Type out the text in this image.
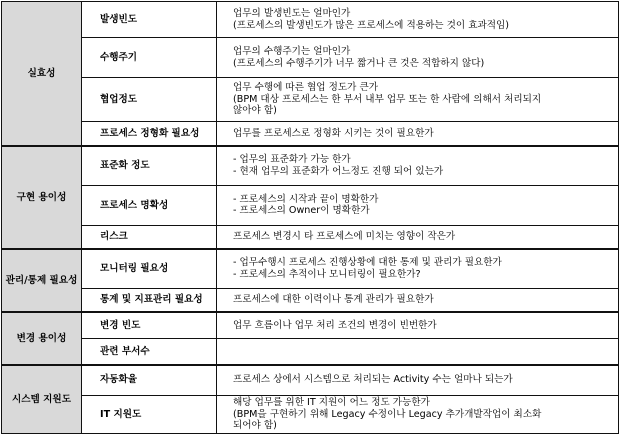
실효성	발생빈도	업무의 발생빈도는 얼마인가
(프로세스의 발생빈도가 많은 프로세스에 적용하는 것이 효과적임)

	수행주기	업무의 수행주기는 얼마인가
(프로세스의 수행주기가 너무 짧거나 큰 것은 적합하지 않다)

	협업정도	업무 수행에 따른 협업 정도가 큰가
(BPM 대상 프로세스는 한 부서 내부 업무 또는 한 사람에 의해서 처리되지
않아야 함)

	프로세스 정형화 필요성	업무를 프로세스로 정형화 시키는 것이 필요한가

구현 용이성	표준화 정도	- 업무의 표준화가 가능 한가
- 현재 업무의 표준화가 어느정도 진행 되어 있는가

	프로세스 명확성	- 프로세스의 시작과 끝이 명확한가
- 프로세스의 Owner이 명확한가

	리스크	프로세스 변경시 타 프로세스에 미치는 영향이 작은가

관리/통제 필요성	모니터링 필요성	- 업무수행시 프로세스 진행상황에 대한 통제 및 관리가 필요한가
- 프로세스의 추적이나 모니터링이 필요한가?

	통계 및 지표관리 필요성	프로세스에 대한 이력이나 통계 관리가 필요한가

변경 용이성	변경 빈도	업무 흐름이나 업무 처리 조건의 변경이 빈번한가

	관련 부서수	
시스템 지원도	자동화율	프로세스 상에서 시스템으로 처리되는 Activity 수는 얼마나 되는가

	IT 지원도	해당 업무를 위한 IT 지원이 어느 정도 가능한가
(BPM을 구현하기 위해 Legacy 수정이나 Legacy 추가개발작업이 최소화
되어야 함)
